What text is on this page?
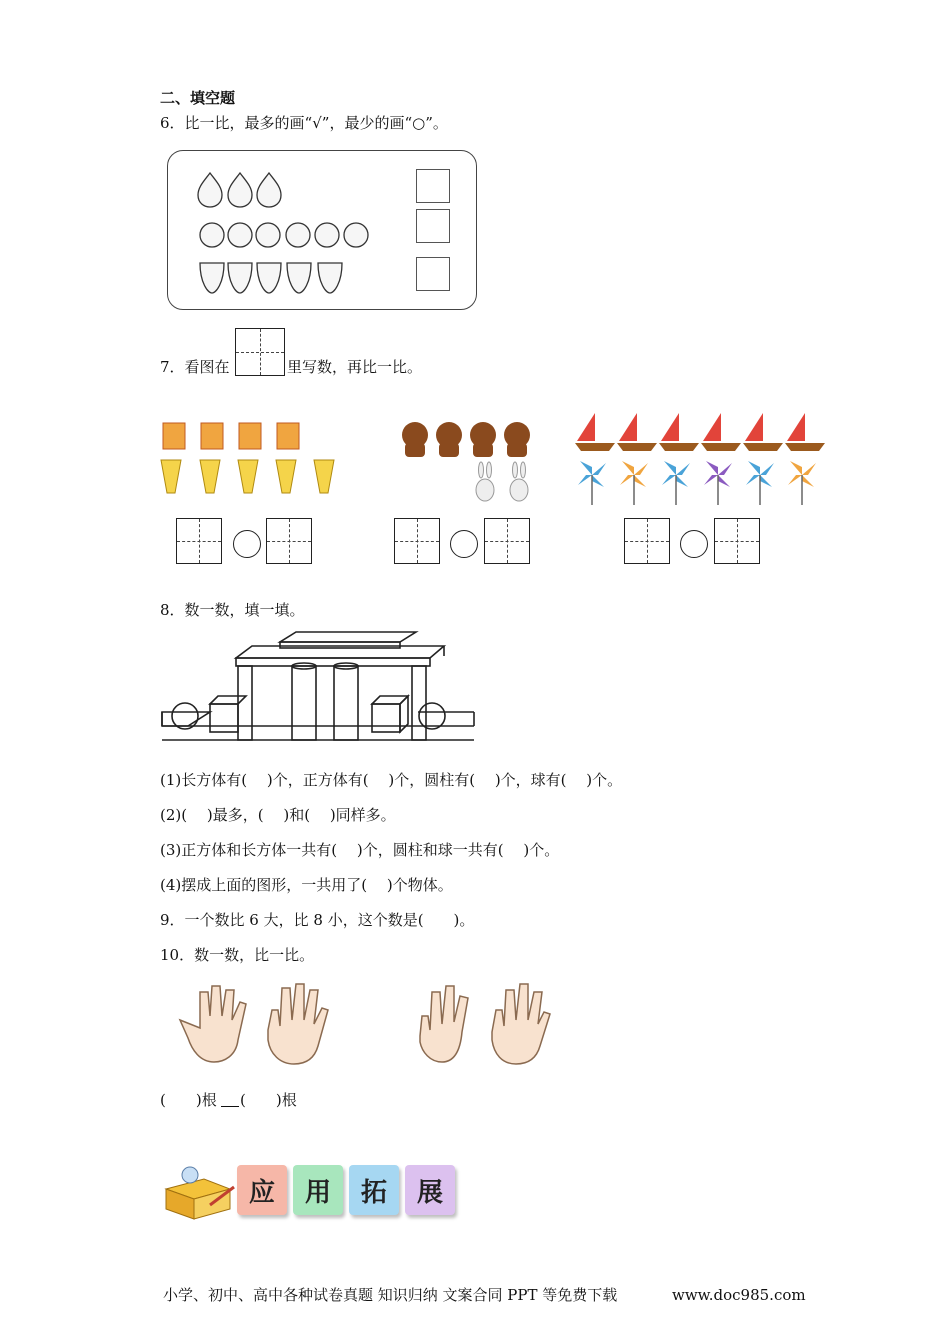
二、填空题
6．比一比，最多的画“√”，最少的画“○”。
7．看图在	里写数，再比一比。
8．数一数，填一填。
(1)长方体有(　 )个，正方体有(　 )个，圆柱有(　 )个，球有(　 )个。
(2)(　 )最多，(　 )和(　 )同样多。
(3)正方体和长方体一共有(　 )个，圆柱和球一共有(　 )个。
(4)摆成上面的图形，一共用了(　 )个物体。
9．一个数比 6 大，比 8 小，这个数是(　　)。
10．数一数，比一比。
(　　)根 (　　)根
应 用 拓 展
小学、初中、高中各种试卷真题 知识归纳 文案合同 PPT 等免费下载	www.doc985.com
